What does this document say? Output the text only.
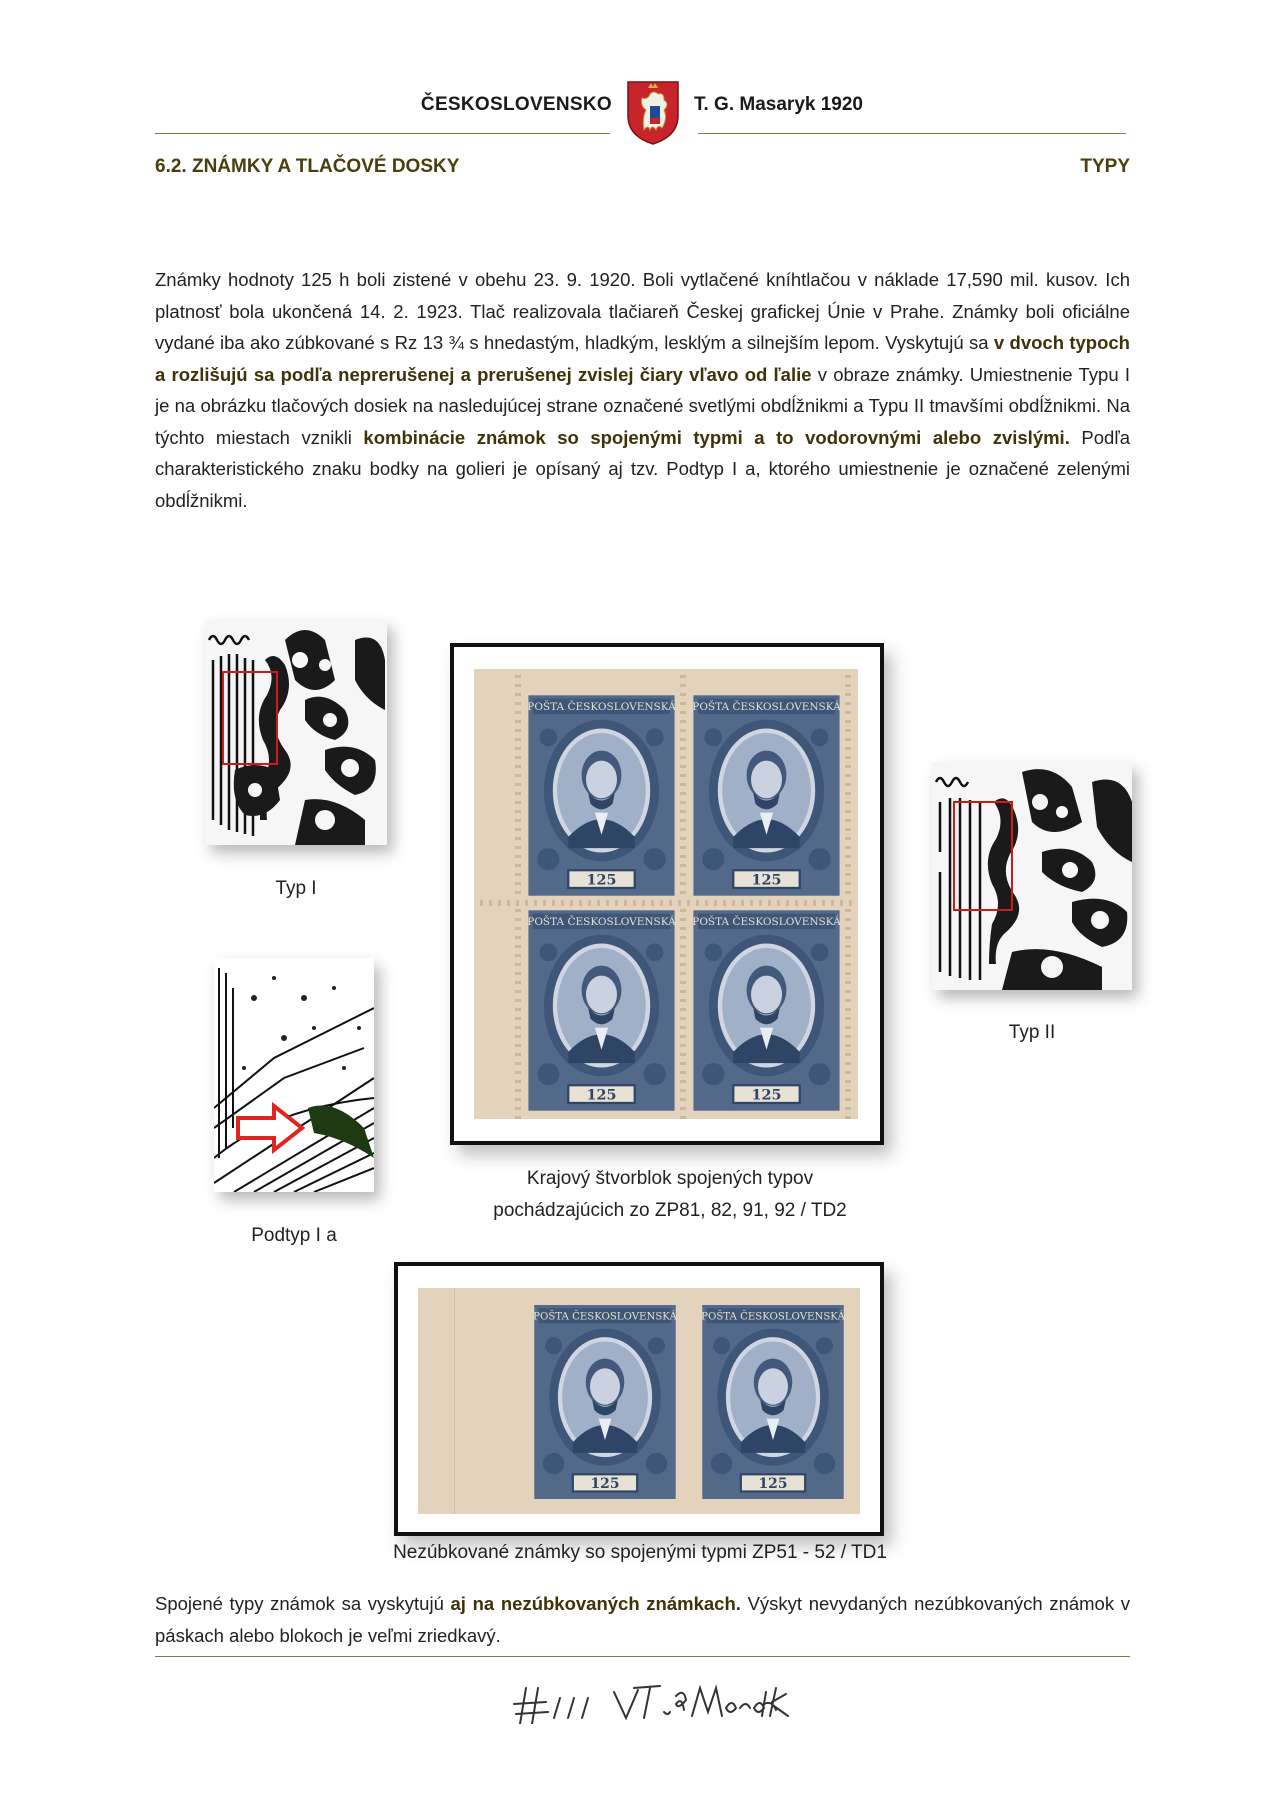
ČESKOSLOVENSKO	T. G. Masaryk 1920
6.2. ZNÁMKY A TLAČOVÉ DOSKY	TYPY
Známky hodnoty 125 h boli zistené v obehu 23. 9. 1920. Boli vytlačené kníhtlačou v náklade 17,590 mil. kusov. Ich platnosť bola ukončená 14. 2. 1923. Tlač realizovala tlačiareň Českej grafickej Únie v Prahe. Známky boli oficiálne vydané iba ako zúbkované s Rz 13 ¾ s hnedastým, hladkým, lesklým a silnejším lepom. Vyskytujú sa v dvoch typoch a rozlišujú sa podľa neprerušenej a prerušenej zvislej čiary vľavo od ľalie v obraze známky. Umiestnenie Typu I je na obrázku tlačových dosiek na nasledujúcej strane označené svetlými obdĺžnikmi a Typu II tmavšími obdĺžnikmi. Na týchto miestach vznikli kombinácie známok so spojenými typmi a to vodorovnými alebo zvislými. Podľa charakteristického znaku bodky na golieri je opísaný aj tzv. Podtyp I a, ktorého umiestnenie je označené zelenými obdĺžnikmi.
Typ I
Podtyp I a
Krajový štvorblok spojených typov
pochádzajúcich zo ZP81, 82, 91, 92 / TD2
Typ II
Nezúbkované známky so spojenými typmi ZP51 - 52 / TD1
Spojené typy známok sa vyskytujú aj na nezúbkovaných známkach. Výskyt nevydaných nezúbkovaných známok v páskach alebo blokoch je veľmi zriedkavý.
